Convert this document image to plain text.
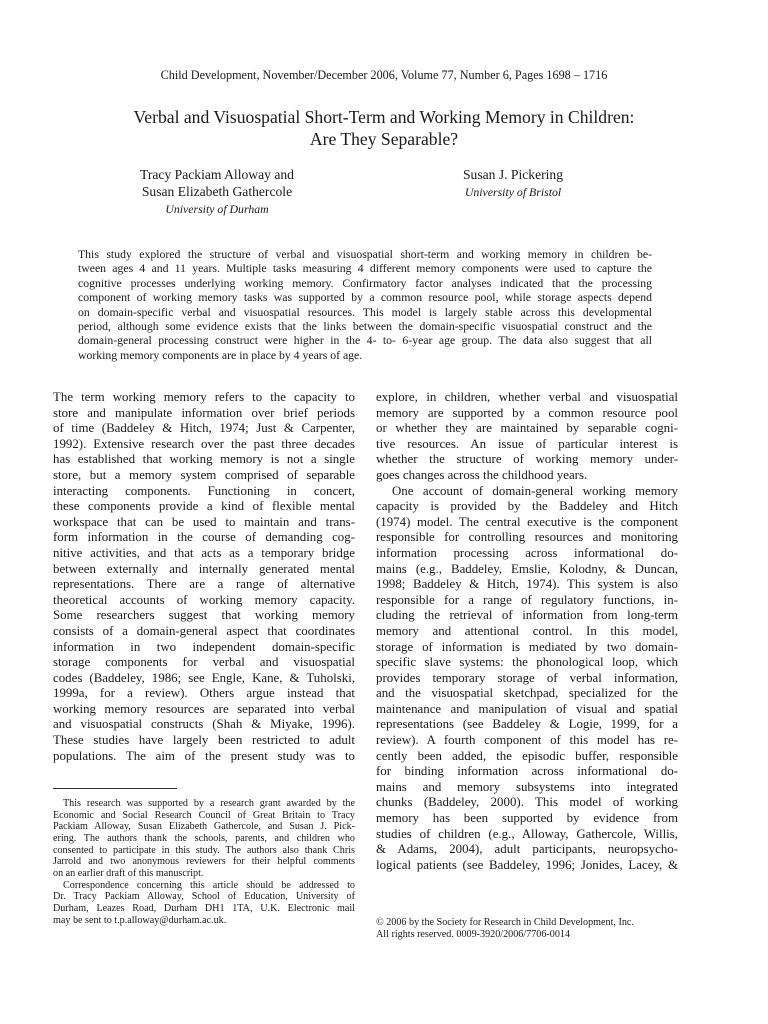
Child Development, November/December 2006, Volume 77, Number 6, Pages 1698 – 1716
Verbal and Visuospatial Short-Term and Working Memory in Children:
Are They Separable?
Tracy Packiam Alloway and
Susan Elizabeth Gathercole
University of Durham
Susan J. Pickering
University of Bristol
This study explored the structure of verbal and visuospatial short-term and working memory in children be-
tween ages 4 and 11 years. Multiple tasks measuring 4 different memory components were used to capture the
cognitive processes underlying working memory. Confirmatory factor analyses indicated that the processing
component of working memory tasks was supported by a common resource pool, while storage aspects depend
on domain-specific verbal and visuospatial resources. This model is largely stable across this developmental
period, although some evidence exists that the links between the domain-specific visuospatial construct and the
domain-general processing construct were higher in the 4- to- 6-year age group. The data also suggest that all
working memory components are in place by 4 years of age.
The term working memory refers to the capacity to
store and manipulate information over brief periods
of time (Baddeley & Hitch, 1974; Just & Carpenter,
1992). Extensive research over the past three decades
has established that working memory is not a single
store, but a memory system comprised of separable
interacting components. Functioning in concert,
these components provide a kind of flexible mental
workspace that can be used to maintain and trans-
form information in the course of demanding cog-
nitive activities, and that acts as a temporary bridge
between externally and internally generated mental
representations. There are a range of alternative
theoretical accounts of working memory capacity.
Some researchers suggest that working memory
consists of a domain-general aspect that coordinates
information in two independent domain-specific
storage components for verbal and visuospatial
codes (Baddeley, 1986; see Engle, Kane, & Tuholski,
1999a, for a review). Others argue instead that
working memory resources are separated into verbal
and visuospatial constructs (Shah & Miyake, 1996).
These studies have largely been restricted to adult
populations. The aim of the present study was to
explore, in children, whether verbal and visuospatial
memory are supported by a common resource pool
or whether they are maintained by separable cogni-
tive resources. An issue of particular interest is
whether the structure of working memory under-
goes changes across the childhood years.
One account of domain-general working memory
capacity is provided by the Baddeley and Hitch
(1974) model. The central executive is the component
responsible for controlling resources and monitoring
information processing across informational do-
mains (e.g., Baddeley, Emslie, Kolodny, & Duncan,
1998; Baddeley & Hitch, 1974). This system is also
responsible for a range of regulatory functions, in-
cluding the retrieval of information from long-term
memory and attentional control. In this model,
storage of information is mediated by two domain-
specific slave systems: the phonological loop, which
provides temporary storage of verbal information,
and the visuospatial sketchpad, specialized for the
maintenance and manipulation of visual and spatial
representations (see Baddeley & Logie, 1999, for a
review). A fourth component of this model has re-
cently been added, the episodic buffer, responsible
for binding information across informational do-
mains and memory subsystems into integrated
chunks (Baddeley, 2000). This model of working
memory has been supported by evidence from
studies of children (e.g., Alloway, Gathercole, Willis,
& Adams, 2004), adult participants, neuropsycho-
logical patients (see Baddeley, 1996; Jonides, Lacey, &
This research was supported by a research grant awarded by the
Economic and Social Research Council of Great Britain to Tracy
Packiam Alloway, Susan Elizabeth Gathercole, and Susan J. Pick-
ering. The authors thank the schools, parents, and children who
consented to participate in this study. The authors also thank Chris
Jarrold and two anonymous reviewers for their helpful comments
on an earlier draft of this manuscript.
Correspondence concerning this article should be addressed to
Dr. Tracy Packiam Alloway, School of Education, University of
Durham, Leazes Road, Durham DH1 1TA, U.K. Electronic mail
may be sent to t.p.alloway@durham.ac.uk.	© 2006 by the Society for Research in Child Development, Inc.
All rights reserved. 0009-3920/2006/7706-0014
